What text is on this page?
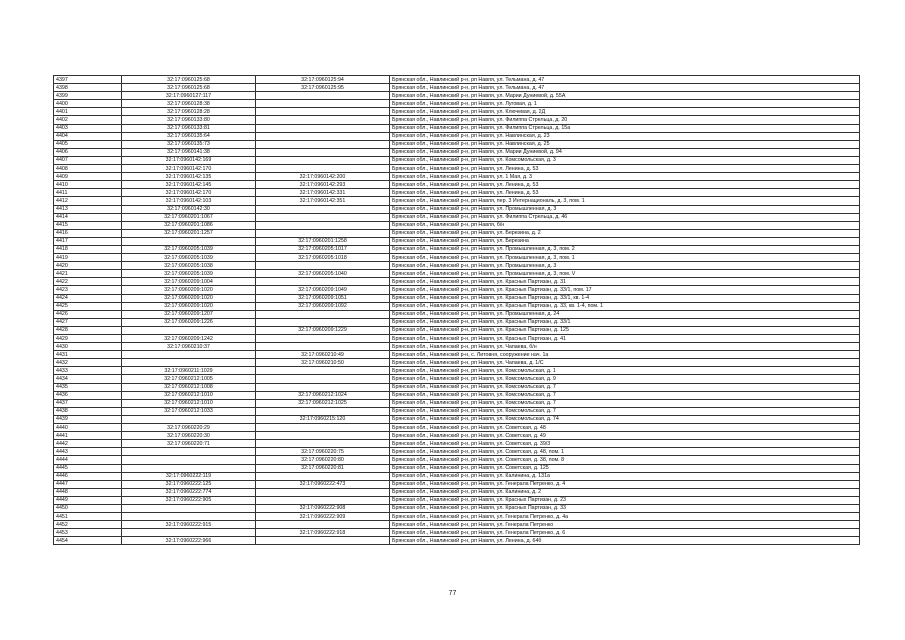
4397	32:17:0960125:68	32:17:0960125:94	Брянская обл., Навлинский р-н, рп Навля, ул. Тельмана, д. 47
4398	32:17:0960125:68	32:17:0960125:95	Брянская обл., Навлинский р-н, рп Навля, ул. Тельмана, д. 47
4399	32:17:0960127:117		Брянская обл., Навлинский р-н, рп Навля, ул. Марии Дуниевой, д. 55А
4400	32:17:0960128:38		Брянская обл., Навлинский р-н, рп Навля, ул. Луговая, д. 1
4401	32:17:0960128:28		Брянская обл., Навлинский р-н, рп Навля, ул. Ключевая, д. 2Д
4402	32:17:0960133:80		Брянская обл., Навлинский р-н, рп Навля, ул. Филиппа Стрельца, д. 20
4403	32:17:0960133:81		Брянская обл., Навлинский р-н, рп Навля, ул. Филиппа Стрельца, д. 15а
4404	32:17:0960135:64		Брянская обл., Навлинский р-н, рп Навля, ул. Навлинская, д. 23
4405	32:17:0960135:73		Брянская обл., Навлинский р-н, рп Навля, ул. Навлинская, д. 25
4406	32:17:0960141:38		Брянская обл., Навлинский р-н, рп Навля, ул. Марии Дуниевой, д. 94
4407	32:17:0960142:169		Брянская обл., Навлинский р-н, рп Навля, ул. Комсомольская, д. 3
4408	32:17:0960142:170		Брянская обл., Навлинский р-н, рп Навля, ул. Ленина, д. 53
4409	32:17:0960142:135	32:17:0960142:200	Брянская обл., Навлинский р-н, рп Навля, ул. 1 Мая, д. 3
4410	32:17:0960142:145	32:17:0960142:293	Брянская обл., Навлинский р-н, рп Навля, ул. Ленина, д. 53
4411	32:17:0960142:170	32:17:0960142:331	Брянская обл., Навлинский р-н, рп Навля, ул. Ленина, д. 53
4412	32:17:0960142:103	32:17:0960142:351	Брянская обл., Навлинский р-н, рп Навля, пер. 3 Интернациональ, д. 3, пом. 1
4413	32:17:0960142:30		Брянская обл., Навлинский р-н, рп Навля, ул. Промышленная, д. 3
4414	32:17:0960201:1067		Брянская обл., Навлинский р-н, рп Навля, ул. Филиппа Стрельца, д. 46
4415	32:17:0960201:1086		Брянская обл., Навлинский р-н, рп Навля, б/н
4416	32:17:0960201:1257		Брянская обл., Навлинский р-н, рп Навля, ул. Березина, д. 2
4417		32:17:0960201:1258	Брянская обл., Навлинский р-н, рп Навля, ул. Березина
4418	32:17:0960205:1039	32:17:0960205:1017	Брянская обл., Навлинский р-н, рп Навля, ул. Промышленная, д. 3, пом. 2
4419	32:17:0960205:1039	32:17:0960205:1018	Брянская обл., Навлинский р-н, рп Навля, ул. Промышленная, д. 3, пом. 1
4420	32:17:0960205:1038		Брянская обл., Навлинский р-н, рп Навля, ул. Промышленная, д. 3
4421	32:17:0960205:1039	32:17:0960205:1040	Брянская обл., Навлинский р-н, рп Навля, ул. Промышленная, д. 3, пом. V
4422	32:17:0960209:1004		Брянская обл., Навлинский р-н, рп Навля, ул. Красных Партизан, д. 31
4423	32:17:0960209:1020	32:17:0960209:1049	Брянская обл., Навлинский р-н, рп Навля, ул. Красных Партизан, д. 33/1, пом. 17
4424	32:17:0960209:1020	32:17:0960209:1051	Брянская обл., Навлинский р-н, рп Навля, ул. Красных Партизан, д. 33/1, кв. 1-4
4425	32:17:0960209:1020	32:17:0960209:1092	Брянская обл., Навлинский р-н, рп Навля, ул. Красных Партизан, д. 33, кв. 1-4, пом. 1
4426	32:17:0960209:1207		Брянская обл., Навлинский р-н, рп Навля, ул. Промышленная, д. 24
4427	32:17:0960209:1226		Брянская обл., Навлинский р-н, рп Навля, ул. Красных Партизан, д. 33/1
4428		32:17:0960209:1229	Брянская обл., Навлинский р-н, рп Навля, ул. Красных Партизан, д. 125
4429	32:17:0960209:1242		Брянская обл., Навлинский р-н, рп Навля, ул. Красных Партизан, д. 41
4430	32:17:0960210:37		Брянская обл., Навлинский р-н, рп Навля, ул. Чапаева, б/н
4431		32:17:0960210:49	Брянская обл., Навлинский р-н, с. Литовня, сооружение нач. 1а
4432		32:17:0960210:50	Брянская обл., Навлинский р-н, рп Навля, ул. Чапаева, д. 1/С
4433	32:17:0960211:1029		Брянская обл., Навлинский р-н, рп Навля, ул. Комсомольская, д. 1
4434	32:17:0960212:1005		Брянская обл., Навлинский р-н, рп Навля, ул. Комсомольская, д. 9
4435	32:17:0960212:1008		Брянская обл., Навлинский р-н, рп Навля, ул. Комсомольская, д. 7
4436	32:17:0960212:1010	32:17:0960212:1024	Брянская обл., Навлинский р-н, рп Навля, ул. Комсомольская, д. 7
4437	32:17:0960212:1010	32:17:0960212:1025	Брянская обл., Навлинский р-н, рп Навля, ул. Комсомольская, д. 7
4438	32:17:0960212:1033		Брянская обл., Навлинский р-н, рп Навля, ул. Комсомольская, д. 7
4439		32:17:0960215:120	Брянская обл., Навлинский р-н, рп Навля, ул. Комсомольская, д. 74
4440	32:17:0960220:29		Брянская обл., Навлинский р-н, рп Навля, ул. Советская, д. 48
4441	32:17:0960220:30		Брянская обл., Навлинский р-н, рп Навля, ул. Советская, д. 49
4442	32:17:0960220:71		Брянская обл., Навлинский р-н, рп Навля, ул. Советская, д. 39/3
4443		32:17:0960220:75	Брянская обл., Навлинский р-н, рп Навля, ул. Советская, д. 48, пом. 1
4444		32:17:0960220:80	Брянская обл., Навлинский р-н, рп Навля, ул. Советская, д. 38, пом. 8
4445		32:17:0960220:81	Брянская обл., Навлинский р-н, рп Навля, ул. Советская, д. 125
4446	32:17:0960222:119		Брянская обл., Навлинский р-н, рп Навля, ул. Калинина, д. 131а
4447	32:17:0960222:125	32:17:0960222:473	Брянская обл., Навлинский р-н, рп Навля, ул. Генерала Петренко, д. 4
4448	32:17:0960222:774		Брянская обл., Навлинский р-н, рп Навля, ул. Калинина, д. 2
4449	32:17:0960222:905		Брянская обл., Навлинский р-н, рп Навля, ул. Красных Партизан, д. 23
4450		32:17:0960222:908	Брянская обл., Навлинский р-н, рп Навля, ул. Красных Партизан, д. 33
4451		32:17:0960222:909	Брянская обл., Навлинский р-н, рп Навля, ул. Генерала Петренко, д. 4а
4452	32:17:0960222:915		Брянская обл., Навлинский р-н, рп Навля, ул. Генерала Петренко
4453		32:17:0960222:918	Брянская обл., Навлинский р-н, рп Навля, ул. Генерала Петренко, д. 6
4454	32:17:0960222:966		Брянская обл., Навлинский р-н, рп Навля, ул. Ленина, д. 64б
77
